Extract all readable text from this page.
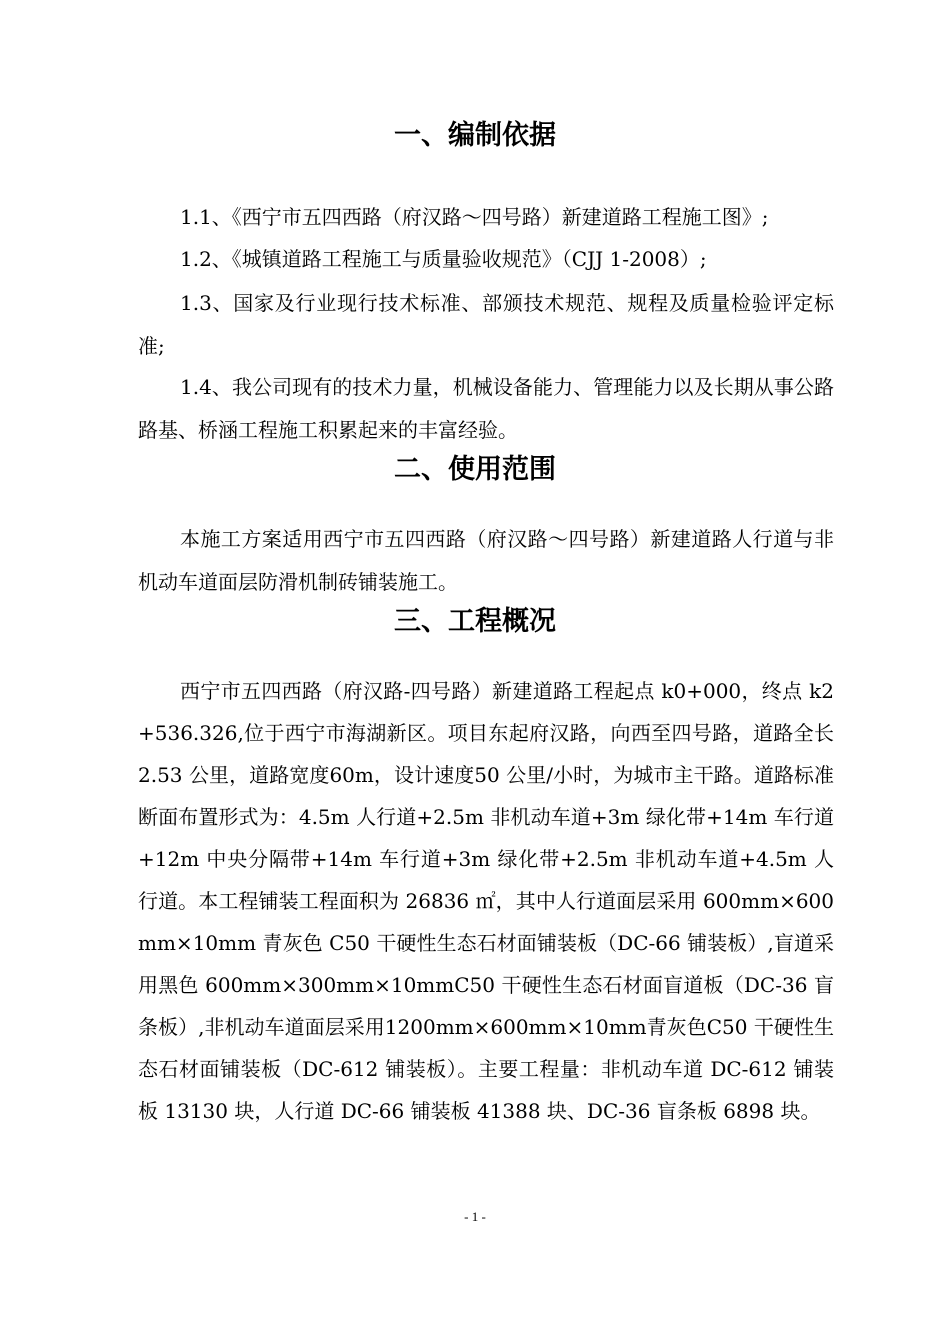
一、编制依据

1.1、《西宁市五四西路（府汉路～四号路）新建道路工程施工图》;

1.2、《城镇道路工程施工与质量验收规范》（CJJ 1-2008）;

1.3、国家及行业现行技术标准、部颁技术规范、规程及质量检验评定标准;

1.4、我公司现有的技术力量，机械设备能力、管理能力以及长期从事公路路基、桥涵工程施工积累起来的丰富经验。

二、使用范围

本施工方案适用西宁市五四西路（府汉路～四号路）新建道路人行道与非机动车道面层防滑机制砖铺装施工。

三、工程概况

西宁市五四西路（府汉路-四号路）新建道路工程起点 k0+000，终点 k2+536.326,位于西宁市海湖新区。项目东起府汉路，向西至四号路，道路全长 2.53 公里，道路宽度60m，设计速度50 公里/小时，为城市主干路。道路标准断面布置形式为：4.5m 人行道+2.5m 非机动车道+3m 绿化带+14m 车行道+12m 中央分隔带+14m 车行道+3m 绿化带+2.5m 非机动车道+4.5m 人行道。本工程铺装工程面积为 26836 ㎡，其中人行道面层采用 600mm×600mm×10mm 青灰色 C50 干硬性生态石材面铺装板（DC-66 铺装板）,盲道采用黑色 600mm×300mm×10mmC50 干硬性生态石材面盲道板（DC-36 盲条板）,非机动车道面层采用1200mm×600mm×10mm青灰色C50 干硬性生态石材面铺装板（DC-612 铺装板）。主要工程量：非机动车道 DC-612 铺装板 13130 块，人行道 DC-66 铺装板 41388 块、DC-36 盲条板 6898 块。

- 1 -
